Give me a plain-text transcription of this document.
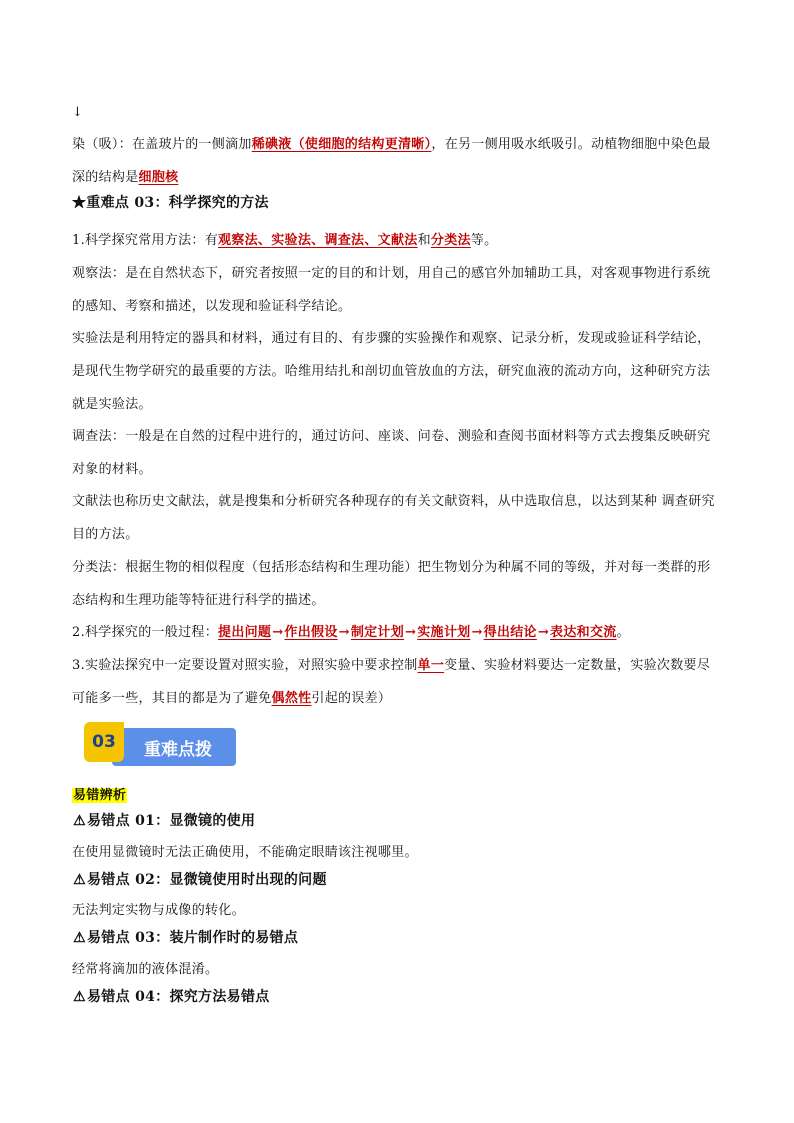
↓
染（吸）：在盖玻片的一侧滴加稀碘液（使细胞的结构更清晰），在另一侧用吸水纸吸引。动植物细胞中染色最深的结构是细胞核
★重难点 03：科学探究的方法
1.科学探究常用方法：有观察法、实验法、调查法、文献法和分类法等。
观察法：是在自然状态下，研究者按照一定的目的和计划，用自己的感官外加辅助工具，对客观事物进行系统的感知、考察和描述，以发现和验证科学结论。
实验法是利用特定的器具和材料，通过有目的、有步骤的实验操作和观察、记录分析，发现或验证科学结论，是现代生物学研究的最重要的方法。哈维用结扎和剖切血管放血的方法，研究血液的流动方向，这种研究方法就是实验法。
调查法：一般是在自然的过程中进行的，通过访问、座谈、问卷、测验和查阅书面材料等方式去搜集反映研究对象的材料。
文献法也称历史文献法，就是搜集和分析研究各种现存的有关文献资料，从中选取信息，以达到某种 调查研究目的方法。
分类法：根据生物的相似程度（包括形态结构和生理功能）把生物划分为种属不同的等级，并对每一类群的形态结构和生理功能等特征进行科学的描述。
2.科学探究的一般过程：提出问题→作出假设→制定计划→实施计划→得出结论→表达和交流。
3.实验法探究中一定要设置对照实验，对照实验中要求控制单一变量、实验材料要达一定数量，实验次数要尽可能多一些，其目的都是为了避免偶然性引起的误差）
03	重难点拨
易错辨析
⚠易错点 01：显微镜的使用
在使用显微镜时无法正确使用，不能确定眼睛该注视哪里。
⚠易错点 02：显微镜使用时出现的问题
无法判定实物与成像的转化。
⚠易错点 03：装片制作时的易错点
经常将滴加的液体混淆。
⚠易错点 04：探究方法易错点
